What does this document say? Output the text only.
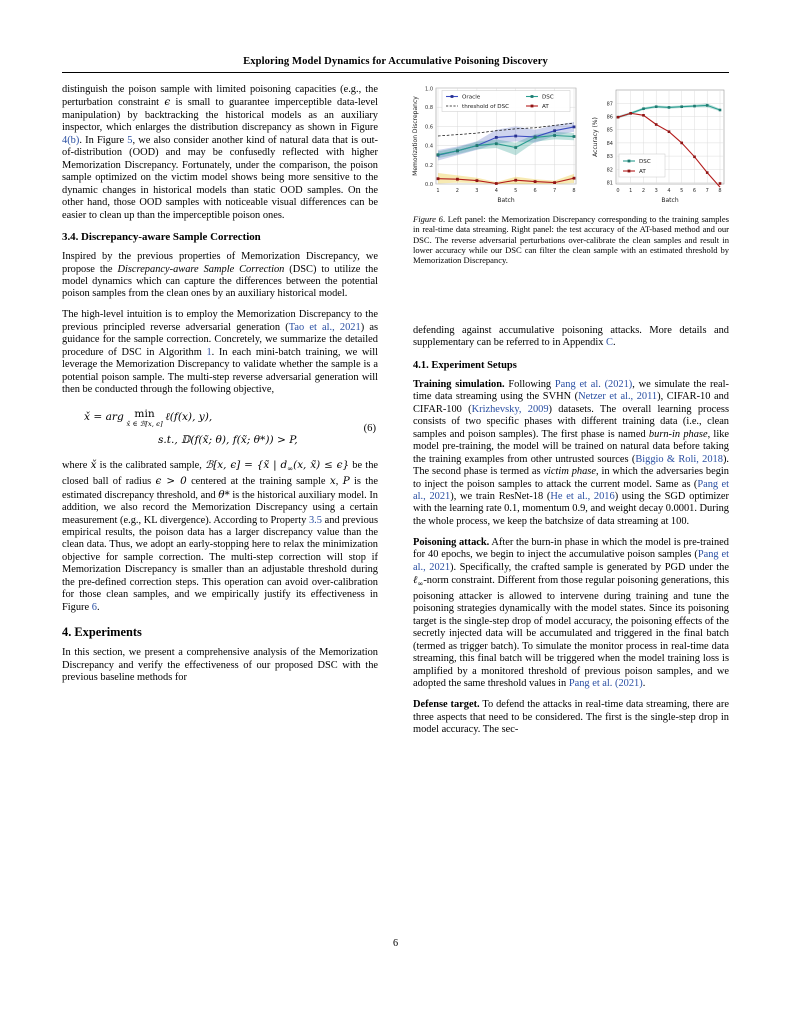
Exploring Model Dynamics for Accumulative Poisoning Discovery

distinguish the poison sample with limited poisoning capacities (e.g., the perturbation constraint ϵ is small to guarantee imperceptible data-level manipulation) by backtracking the historical models as an auxiliary inspector, which enlarges the distribution discrepancy as shown in Figure 4(b). In Figure 5, we also consider another kind of natural data that is out-of-distribution (OOD) and may be confusedly reflected with higher Memorization Discrepancy. Fortunately, under the comparison, the poison sample optimized on the victim model shows being more sensitive to the dynamic changes in historical models than static OOD samples. On the other hand, those OOD samples with noticeable visual differences can be easier to clean up than the imperceptible poison ones.

3.4. Discrepancy-aware Sample Correction

Inspired by the previous properties of Memorization Discrepancy, we propose the Discrepancy-aware Sample Correction (DSC) to utilize the model dynamics which can capture the differences between the potential poison samples from the clean ones by an auxiliary historical model.

The high-level intuition is to employ the Memorization Discrepancy to the previous principled reverse adversarial generation (Tao et al., 2021) as guidance for the sample correction. Concretely, we summarize the detailed procedure of DSC in Algorithm 1. In each mini-batch training, we will leverage the Memorization Discrepancy to validate whether the sample is a potential poison sample. The multi-step reverse adversarial generation will then be conducted through the following objective,

x̌ = arg min
x̌ ∈ ℬ[x, ϵ]
ℓ(f(x), y),
s.t., 𝔻(f(x̃; θ), f(x̃; θ*)) > P,
(6)

where x̌ is the calibrated sample, ℬ[x, ϵ] = {x̃ | $d_\infty(x$, x̃) ≤ ϵ} be the closed ball of radius ϵ > 0 centered at the training sample x, P is the estimated discrepancy threshold, and θ* is the historical auxiliary model. In addition, we also record the Memorization Discrepancy using a certain measurement (e.g., KL divergence). According to Property 3.5 and previous empirical results, the poison data has a larger discrepancy value than the clean data. Thus, we adopt an early-stopping here to relax the minimization objective for sample correction. The multi-step correction will stop if Memorization Discrepancy is smaller than an adjustable threshold during the pre-defined correction steps. This operation can avoid over-calibration for those clean samples, and we empirically justify its effectiveness in Figure 6.

4. Experiments

In this section, we present a comprehensive analysis of the Memorization Discrepancy and verify the effectiveness of our proposed DSC with the previous baseline methods for

Oracle
threshold of DSC
DSC
AT
0.0
0.2
0.4
0.6
0.8
1.0
1	2	3	4	5	6	7	8
Batch
Memorization Discrepancy	DSC
AT
81
82
83
84
85
86
87
0 1 2 3 4 5 6 7 8
Batch
Accuracy (%)
Figure 6. Left panel: the Memorization Discrepancy corresponding to the training samples in real-time data streaming. Right panel: the test accuracy of the AT-based method and our DSC. The reverse adversarial perturbations over-calibrate the clean samples and result in lower accuracy while our DSC can filter the clean sample with an estimated threshold by Memorization Discrepancy.

defending against accumulative poisoning attacks. More details and supplementary can be referred to in Appendix C.

4.1. Experiment Setups

Training simulation. Following Pang et al. (2021), we simulate the real-time data streaming using the SVHN (Netzer et al., 2011), CIFAR-10 and CIFAR-100 (Krizhevsky, 2009) datasets. The overall learning process consists of two specific phases with different training data (i.e., clean samples and poison samples). The first phase is named burn-in phase, like model pre-training, the model will be trained on natural data before taking the training examples from other untrusted sources (Biggio & Roli, 2018). The second phase is termed as victim phase, in which the adversaries begin to inject the poison samples to attack the current model. Same as (Pang et al., 2021), we train ResNet-18 (He et al., 2016) using the SGD optimizer with the learning rate 0.1, momentum 0.9, and weight decay 0.0001. During the whole process, we keep the batchsize of data streaming at 100.

Poisoning attack. After the burn-in phase in which the model is pre-trained for 40 epochs, we begin to inject the accumulative poison samples (Pang et al., 2021). Specifically, the crafted sample is generated by PGD under the ℓ$_\infty$-norm constraint. Different from those regular poisoning generations, this poisoning attacker is allowed to intervene during training and tune the poisoning strategies dynamically with the model states. Since its poisoning target is the single-step drop of model accuracy, the poisoning effects of the secretly injected data will be accumulated and triggered in the final batch (termed as trigger batch). To simulate the monitor process in real-time data streaming, this final batch will be triggered when the model training loss is amplified by a monitored threshold of previous poison samples, and we adopted the same threshold values in Pang et al. (2021).

Defense target. To defend the attacks in real-time data streaming, there are three aspects that need to be considered. The first is the single-step drop in model accuracy. The sec-

6
